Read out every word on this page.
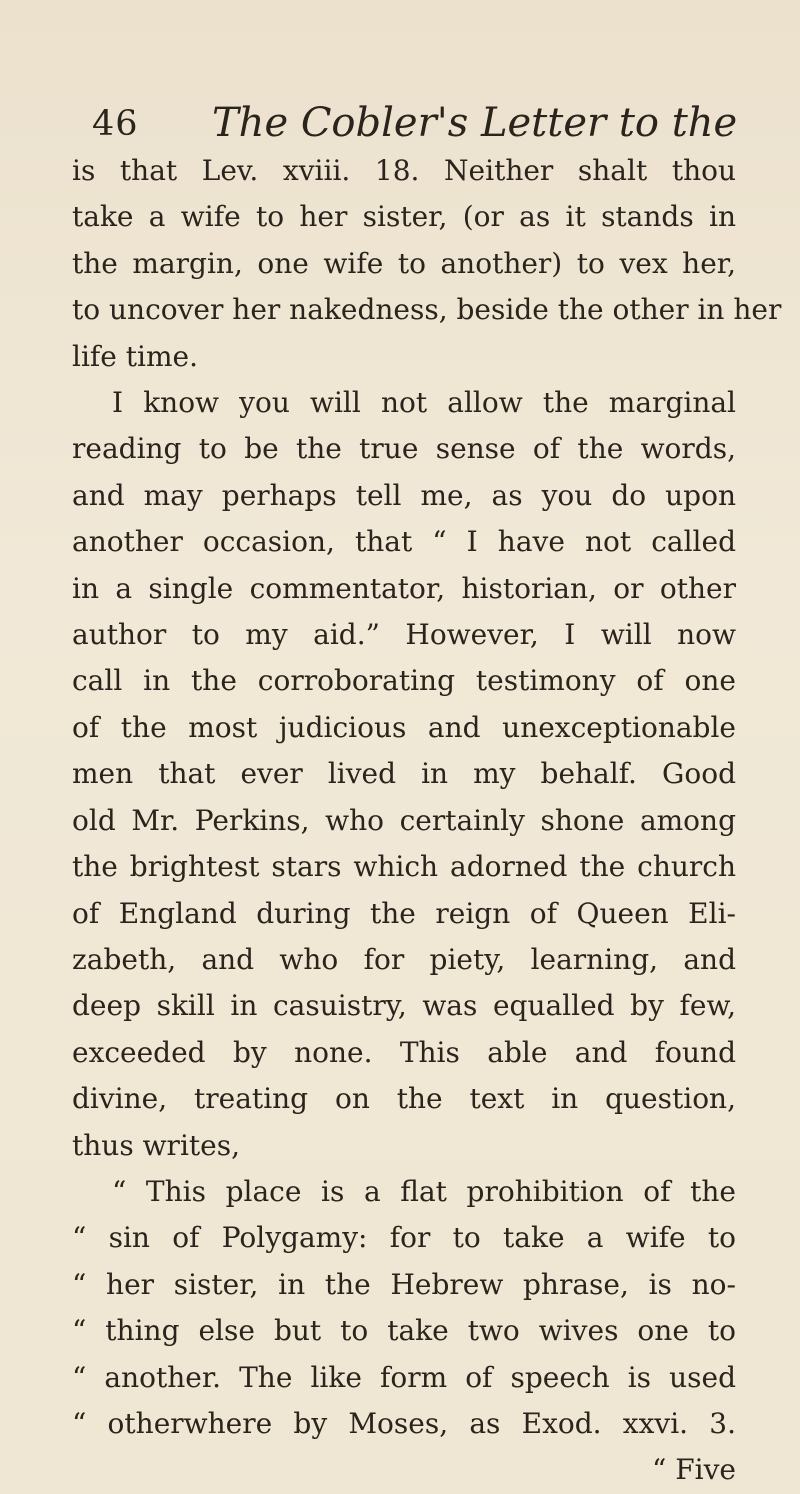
46 The Cobler's Letter to the
is that Lev. xviii. 18. Neither shalt thou
take a wife to her sister, (or as it stands in
the margin, one wife to another) to vex her,
to uncover her nakedness, beside the other in her
life time.
I know you will not allow the marginal
reading to be the true sense of the words,
and may perhaps tell me, as you do upon
another occasion, that “ I have not called
in a single commentator, historian, or other
author to my aid.” However, I will now
call in the corroborating testimony of one
of the most judicious and unexceptionable
men that ever lived in my behalf. Good
old Mr. Perkins, who certainly shone among
the brightest stars which adorned the church
of England during the reign of Queen Eli-
zabeth, and who for piety, learning, and
deep skill in casuistry, was equalled by few,
exceeded by none. This able and found
divine, treating on the text in question,
thus writes,
“ This place is a flat prohibition of the
“ sin of Polygamy: for to take a wife to
“ her sister, in the Hebrew phrase, is no-
“ thing else but to take two wives one to
“ another. The like form of speech is used
“ otherwhere by Moses, as Exod. xxvi. 3.
“ Five
